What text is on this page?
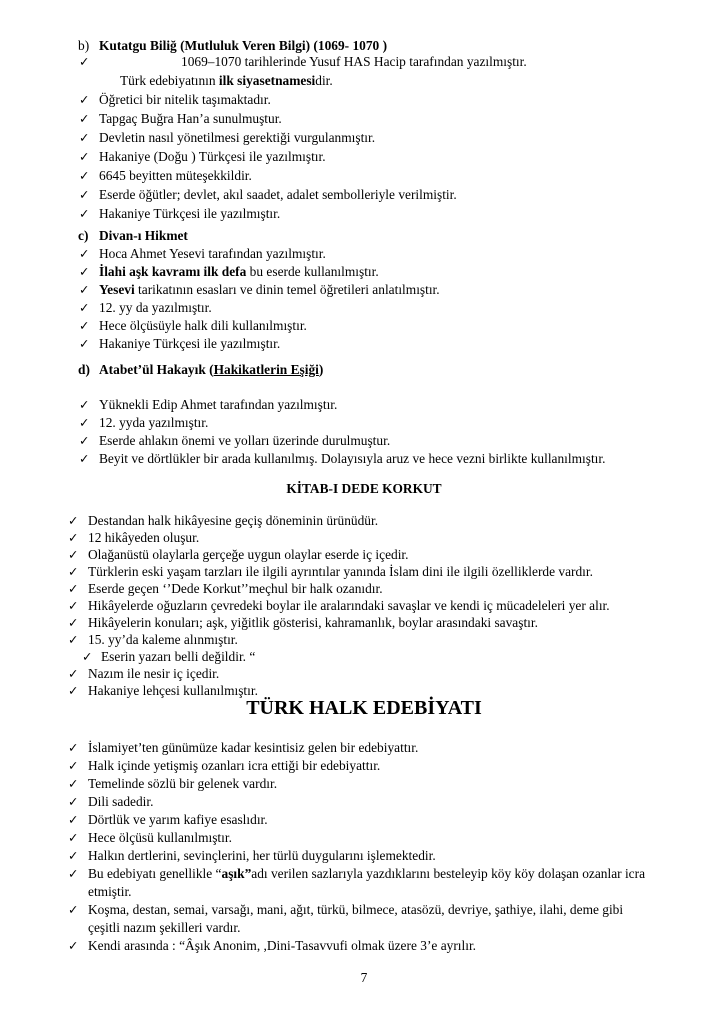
b) Kutatgu Biliğ (Mutluluk Veren Bilgi) (1069- 1070 )
✓	1069–1070 tarihlerinde Yusuf HAS Hacip tarafından yazılmıştır.
Türk edebiyatının ilk siyasetnamesidir.
✓ Öğretici bir nitelik taşımaktadır.
✓ Tapgaç Buğra Han’a sunulmuştur.
✓ Devletin nasıl yönetilmesi gerektiği vurgulanmıştır.
✓ Hakaniye (Doğu ) Türkçesi ile yazılmıştır.
✓ 6645 beyitten müteşekkildir.
✓ Eserde öğütler; devlet, akıl saadet, adalet sembolleriyle verilmiştir.
✓ Hakaniye Türkçesi ile yazılmıştır.
c) Divan-ı Hikmet
✓ Hoca Ahmet Yesevi tarafından yazılmıştır.
✓ İlahi aşk kavramı ilk defa bu eserde kullanılmıştır.
✓ Yesevi tarikatının esasları ve dinin temel öğretileri anlatılmıştır.
✓ 12. yy da yazılmıştır.
✓ Hece ölçüsüyle halk dili kullanılmıştır.
✓ Hakaniye Türkçesi ile yazılmıştır.
d) Atabet’ül Hakayık (Hakikatlerin Eşiği)
✓ Yüknekli Edip Ahmet tarafından yazılmıştır.
✓ 12. yyda yazılmıştır.
✓ Eserde ahlakın önemi ve yolları üzerinde durulmuştur.
✓ Beyit ve dörtlükler bir arada kullanılmış. Dolayısıyla aruz ve hece vezni birlikte kullanılmıştır.
KİTAB-I DEDE KORKUT
✓ Destandan halk hikâyesine geçiş döneminin ürünüdür.
✓ 12 hikâyeden oluşur.
✓ Olağanüstü olaylarla gerçeğe uygun olaylar eserde iç içedir.
✓ Türklerin eski yaşam tarzları ile ilgili ayrıntılar yanında İslam dini ile ilgili özelliklerde vardır.
✓ Eserde geçen ‘’Dede Korkut’’meçhul bir halk ozanıdır.
✓ Hikâyelerde oğuzların çevredeki boylar ile aralarındaki savaşlar ve kendi iç mücadeleleri yer alır.
✓ Hikâyelerin konuları; aşk, yiğitlik gösterisi, kahramanlık, boylar arasındaki savaştır.
✓ 15. yy’da kaleme alınmıştır.
✓ Eserin yazarı belli değildir. “
✓ Nazım ile nesir iç içedir.
✓ Hakaniye lehçesi kullanılmıştır.
TÜRK HALK EDEBİYATI
✓ İslamiyet’ten günümüze kadar kesintisiz gelen bir edebiyattır.
✓ Halk içinde yetişmiş ozanları icra ettiği bir edebiyattır.
✓ Temelinde sözlü bir gelenek vardır.
✓ Dili sadedir.
✓ Dörtlük ve yarım kafiye esaslıdır.
✓ Hece ölçüsü kullanılmıştır.
✓ Halkın dertlerini, sevinçlerini, her türlü duygularını işlemektedir.
✓ Bu edebiyatı genellikle “aşık”adı verilen sazlarıyla yazdıklarını besteleyip köy köy dolaşan ozanlar icra
etmiştir.
✓ Koşma, destan, semai, varsağı, mani, ağıt, türkü, bilmece, atasözü, devriye, şathiye, ilahi, deme gibi
çeşitli nazım şekilleri vardır.
✓ Kendi arasında : “Âşık Anonim, ,Dini-Tasavvufi olmak üzere 3’e ayrılır.
7
